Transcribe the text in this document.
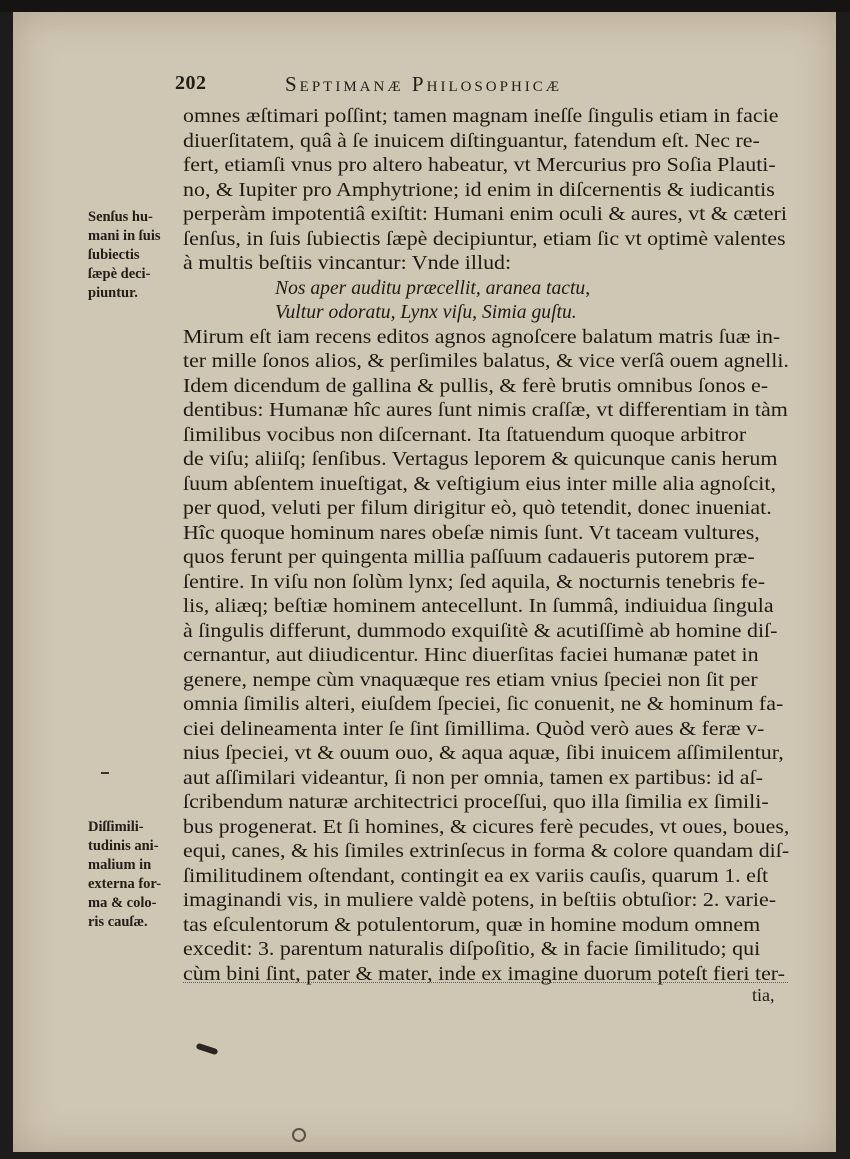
202	Septimanæ Philosophicæ
Senſus hu-
mani in ſuis
ſubiectis
ſæpè deci-
piuntur.
Diſſimili-
tudinis ani-
malium in
externa for-
ma & colo-
ris cauſæ.
omnes æſtimari poſſint; tamen magnam ineſſe ſingulis etiam in facie
diuerſitatem, quâ à ſe inuicem diſtinguantur, fatendum eſt. Nec re-
fert, etiamſi vnus pro altero habeatur, vt Mercurius pro Soſia Plauti-
no, & Iupiter pro Amphytrione; id enim in diſcernentis & iudicantis
perperàm impotentiâ exiſtit: Humani enim oculi & aures, vt & cæteri
ſenſus, in ſuis ſubiectis ſæpè decipiuntur, etiam ſic vt optimè valentes
à multis beſtiis vincantur: Vnde illud:
Nos aper auditu præcellit, aranea tactu,
Vultur odoratu, Lynx viſu, Simia guſtu.
Mirum eſt iam recens editos agnos agnoſcere balatum matris ſuæ in-
ter mille ſonos alios, & perſimiles balatus, & vice verſâ ouem agnelli.
Idem dicendum de gallina & pullis, & ferè brutis omnibus ſonos e-
dentibus: Humanæ hîc aures ſunt nimis craſſæ, vt differentiam in tàm
ſimilibus vocibus non diſcernant. Ita ſtatuendum quoque arbitror
de viſu; aliiſq; ſenſibus. Vertagus leporem & quicunque canis herum
ſuum abſentem inueſtigat, & veſtigium eius inter mille alia agnoſcit,
per quod, veluti per filum dirigitur eò, quò tetendit, donec inueniat.
Hîc quoque hominum nares obeſæ nimis ſunt. Vt taceam vultures,
quos ferunt per quingenta millia paſſuum cadaueris putorem præ-
ſentire. In viſu non ſolùm lynx; ſed aquila, & nocturnis tenebris fe-
lis, aliæq; beſtiæ hominem antecellunt. In ſummâ, indiuidua ſingula
à ſingulis differunt, dummodo exquiſitè & acutiſſimè ab homine diſ-
cernantur, aut diiudicentur. Hinc diuerſitas faciei humanæ patet in
genere, nempe cùm vnaquæque res etiam vnius ſpeciei non ſit per
omnia ſimilis alteri, eiuſdem ſpeciei, ſic conuenit, ne & hominum fa-
ciei delineamenta inter ſe ſint ſimillima. Quòd verò aues & feræ v-
nius ſpeciei, vt & ouum ouo, & aqua aquæ, ſibi inuicem aſſimilentur,
aut aſſimilari videantur, ſi non per omnia, tamen ex partibus: id aſ-
ſcribendum naturæ architectrici proceſſui, quo illa ſimilia ex ſimili-
bus progenerat. Et ſi homines, & cicures ferè pecudes, vt oues, boues,
equi, canes, & his ſimiles extrinſecus in forma & colore quandam diſ-
ſimilitudinem oſtendant, contingit ea ex variis cauſis, quarum 1. eſt
imaginandi vis, in muliere valdè potens, in beſtiis obtuſior: 2. varie-
tas eſculentorum & potulentorum, quæ in homine modum omnem
excedit: 3. parentum naturalis diſpoſitio, & in facie ſimilitudo; qui
cùm bini ſint, pater & mater, inde ex imagine duorum poteſt fieri ter-
tia,
